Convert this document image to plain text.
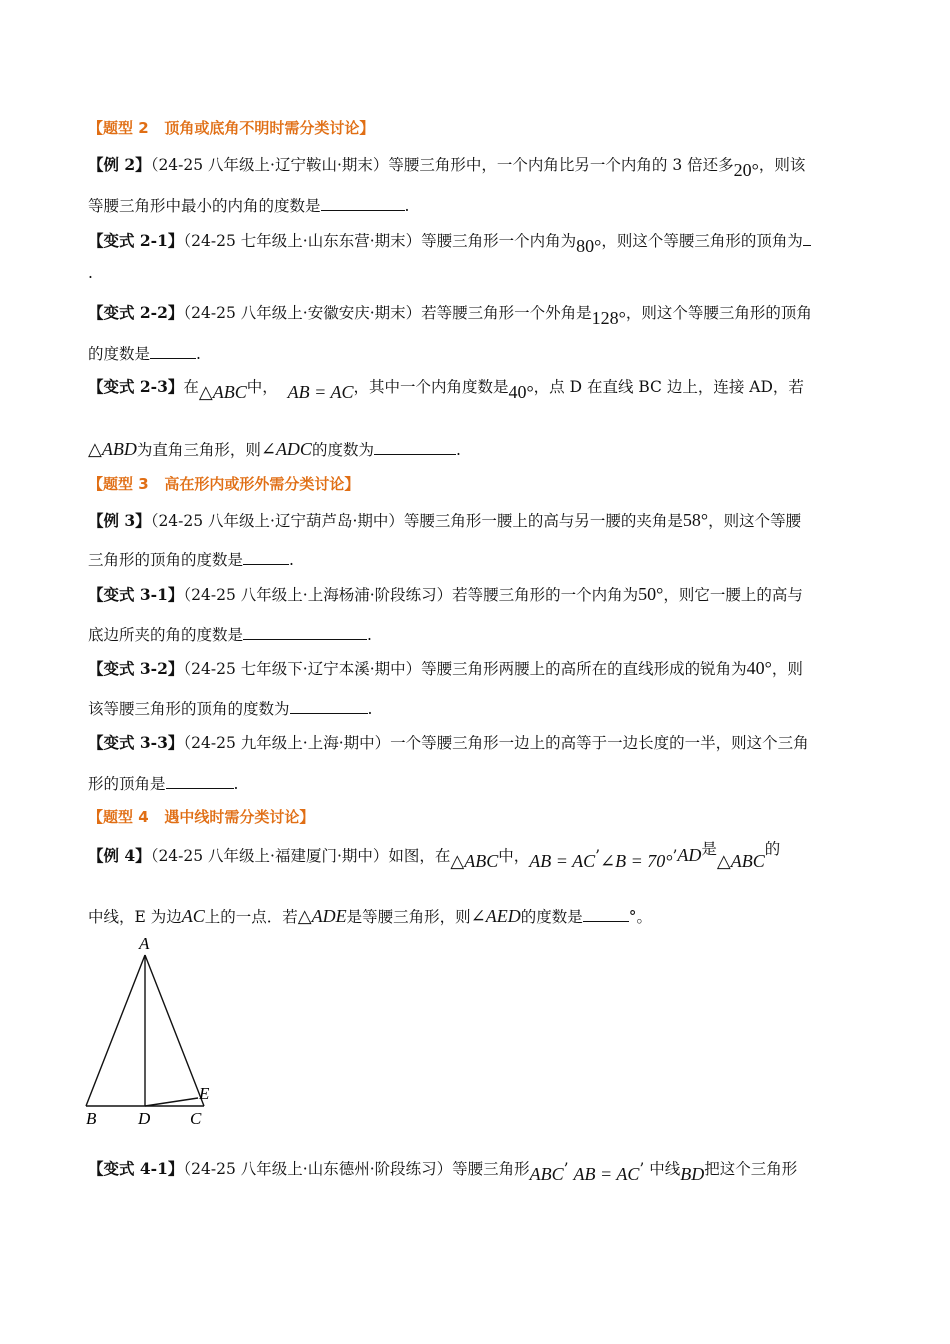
【题型 2 顶角或底角不明时需分类讨论】
【例 2】（24-25 八年级上·辽宁鞍山·期末）等腰三角形中，一个内角比另一个内角的 3 倍还多20°，则该
等腰三角形中最小的内角的度数是	.
【变式 2-1】（24-25 七年级上·山东东营·期末）等腰三角形一个内角为80°，则这个等腰三角形的顶角为
.
【变式 2-2】（24-25 八年级上·安徽安庆·期末）若等腰三角形一个外角是128°，则这个等腰三角形的顶角
的度数是	.
【变式 2-3】在△ABC中， AB = AC，其中一个内角度数是40°，点 D 在直线 BC 边上，连接 AD，若
△ABD为直角三角形，则∠ADC的度数为	.
【题型 3 高在形内或形外需分类讨论】
【例 3】（24-25 八年级上·辽宁葫芦岛·期中）等腰三角形一腰上的高与另一腰的夹角是58°，则这个等腰
三角形的顶角的度数是	.
【变式 3-1】（24-25 八年级上·上海杨浦·阶段练习）若等腰三角形的一个内角为50°，则它一腰上的高与
底边所夹的角的度数是	.
【变式 3-2】（24-25 七年级下·辽宁本溪·期中）等腰三角形两腰上的高所在的直线形成的锐角为40°，则
该等腰三角形的顶角的度数为	.
【变式 3-3】（24-25 九年级上·上海·期中）一个等腰三角形一边上的高等于一边长度的一半，则这个三角
形的顶角是	.
【题型 4 遇中线时需分类讨论】
【例 4】（24-25 八年级上·福建厦门·期中）如图，在△ABC中，AB = AC’∠B = 70°’AD是△ABC的
中线，E 为边AC上的一点．若△ADE是等腰三角形，则∠AED的度数是	°。
A
B D C
E
【变式 4-1】（24-25 八年级上·山东德州·阶段练习）等腰三角形ABC’ AB = AC’ 中线BD把这个三角形
